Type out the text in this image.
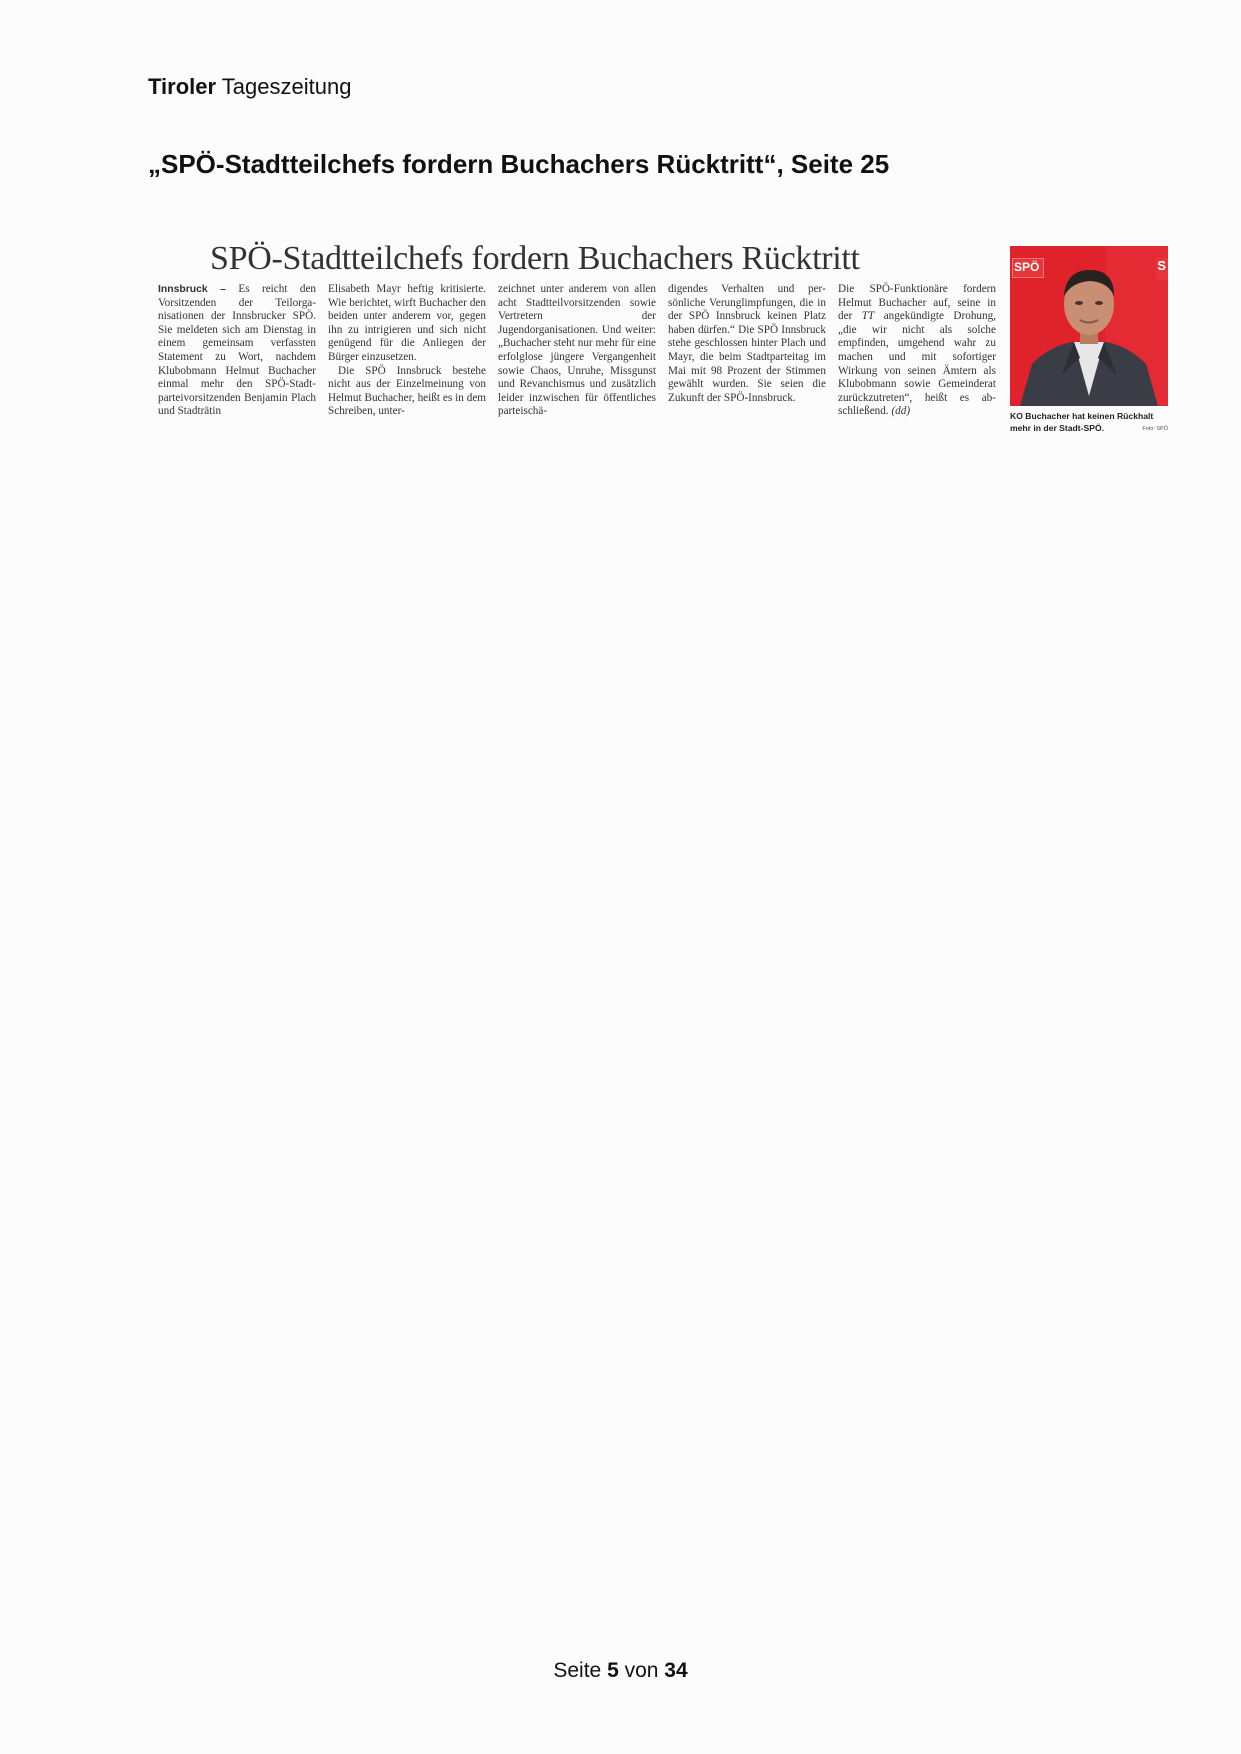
Tiroler Tageszeitung

„SPÖ-Stadtteilchefs fordern Buchachers Rücktritt“, Seite 25
SPÖ-Stadtteilchefs fordern Buchachers Rücktritt

Innsbruck – Es reicht den Vorsitzenden der Teilorganisationen der Innsbrucker SPÖ. Sie meldeten sich am Dienstag in einem gemeinsam verfassten Statement zu Wort, nachdem Klubobmann Helmut Buchacher einmal mehr den SPÖ-Stadtparteivorsitzenden Benjamin Plach und Stadträtin

Elisabeth Mayr heftig kritisierte. Wie berichtet, wirft Buchacher den beiden unter anderem vor, gegen ihn zu intrigieren und sich nicht genügend für die Anliegen der Bürger einzusetzen.
Die SPÖ Innsbruck bestehe nicht aus der Einzelmeinung von Helmut Buchacher, heißt es in dem Schreiben, unter-

zeichnet unter anderem von allen acht Stadtteilvorsitzenden sowie Vertretern der Jugendorganisationen. Und weiter: „Buchacher steht nur mehr für eine erfolglose jüngere Vergangenheit sowie Chaos, Unruhe, Missgunst und Revanchismus und zusätzlich leider inzwischen für öffentliches parteischä-

digendes Verhalten und persönliche Verunglimpfungen, die in der SPÖ Innsbruck keinen Platz haben dürfen.“ Die SPÖ Innsbruck stehe geschlossen hinter Plach und Mayr, die beim Stadtparteitag im Mai mit 98 Prozent der Stimmen gewählt wurden. Sie seien die Zukunft der SPÖ-Innsbruck.

Die SPÖ-Funktionäre fordern Helmut Buchacher auf, seine in der TT angekündigte Drohung, „die wir nicht als solche empfinden, umgehend wahr zu machen und mit sofortiger Wirkung von seinen Ämtern als Klubobmann sowie Gemeinderat zurückzutreten“, heißt es abschließend. (dd)

SPÖ	S

KO Buchacher hat keinen Rückhalt mehr in der Stadt-SPÖ.	Foto: SPÖ

Seite 5 von 34
